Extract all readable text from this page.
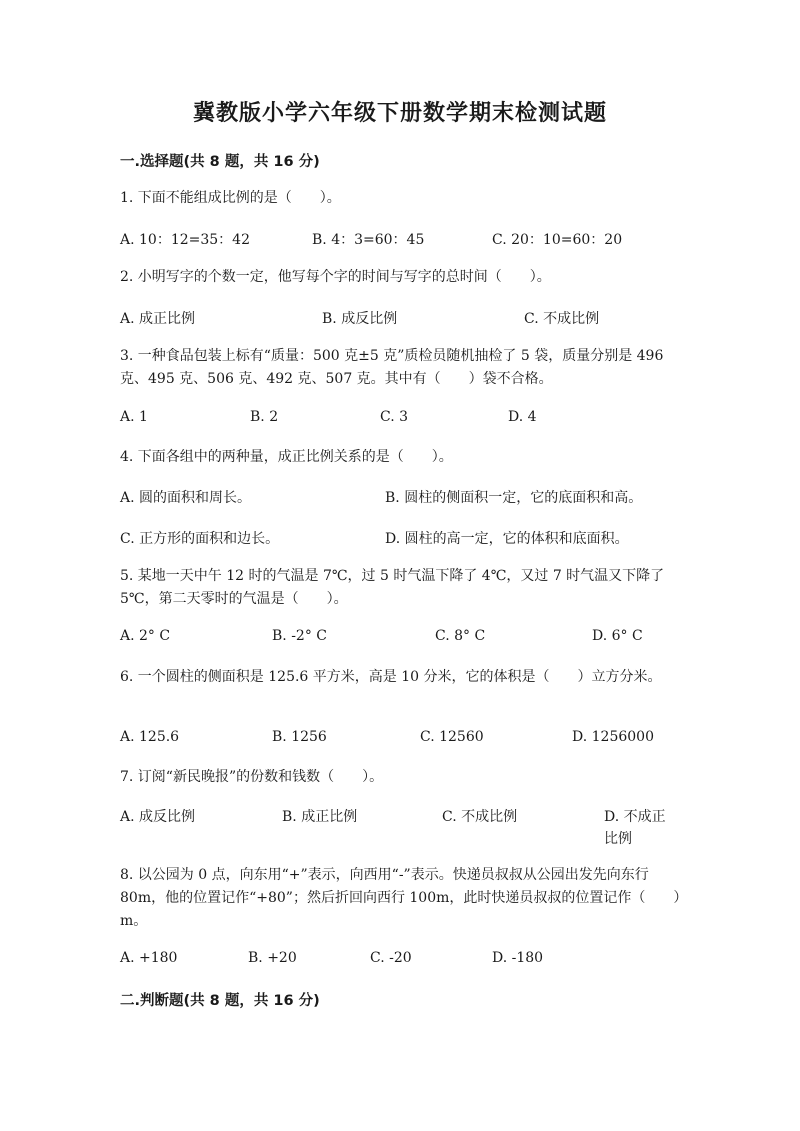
冀教版小学六年级下册数学期末检测试题
一.选择题(共 8 题，共 16 分)

1. 下面不能组成比例的是（　　）。

A. 10：12=35：42	B. 4：3=60：45	C. 20：10=60：20

2. 小明写字的个数一定，他写每个字的时间与写字的总时间（　　）。

A. 成正比例	B. 成反比例	C. 不成比例

3. 一种食品包装上标有“质量：500 克±5 克”质检员随机抽检了 5 袋，质量分别是 496 克、495 克、506 克、492 克、507 克。其中有（　　）袋不合格。

A. 1	B. 2	C. 3	D. 4

4. 下面各组中的两种量，成正比例关系的是（　　）。

A. 圆的面积和周长。	B. 圆柱的侧面积一定，它的底面积和高。
C. 正方形的面积和边长。	D. 圆柱的高一定，它的体积和底面积。

5. 某地一天中午 12 时的气温是 7℃，过 5 时气温下降了 4℃，又过 7 时气温又下降了 5℃，第二天零时的气温是（　　）。

A. 2° C	B. -2° C	C. 8° C	D. 6° C

6. 一个圆柱的侧面积是 125.6 平方米，高是 10 分米，它的体积是（　　）立方分米。

A. 125.6	B. 1256	C. 12560	D. 1256000

7. 订阅“新民晚报”的份数和钱数（　　）。

A. 成反比例	B. 成正比例	C. 不成比例	D. 不成正比例

8. 以公园为 0 点，向东用“+”表示，向西用“-”表示。快递员叔叔从公园出发先向东行 80m，他的位置记作“+80”；然后折回向西行 100m，此时快递员叔叔的位置记作（　　）m。

A. +180	B. +20	C. -20	D. -180
二.判断题(共 8 题，共 16 分)
